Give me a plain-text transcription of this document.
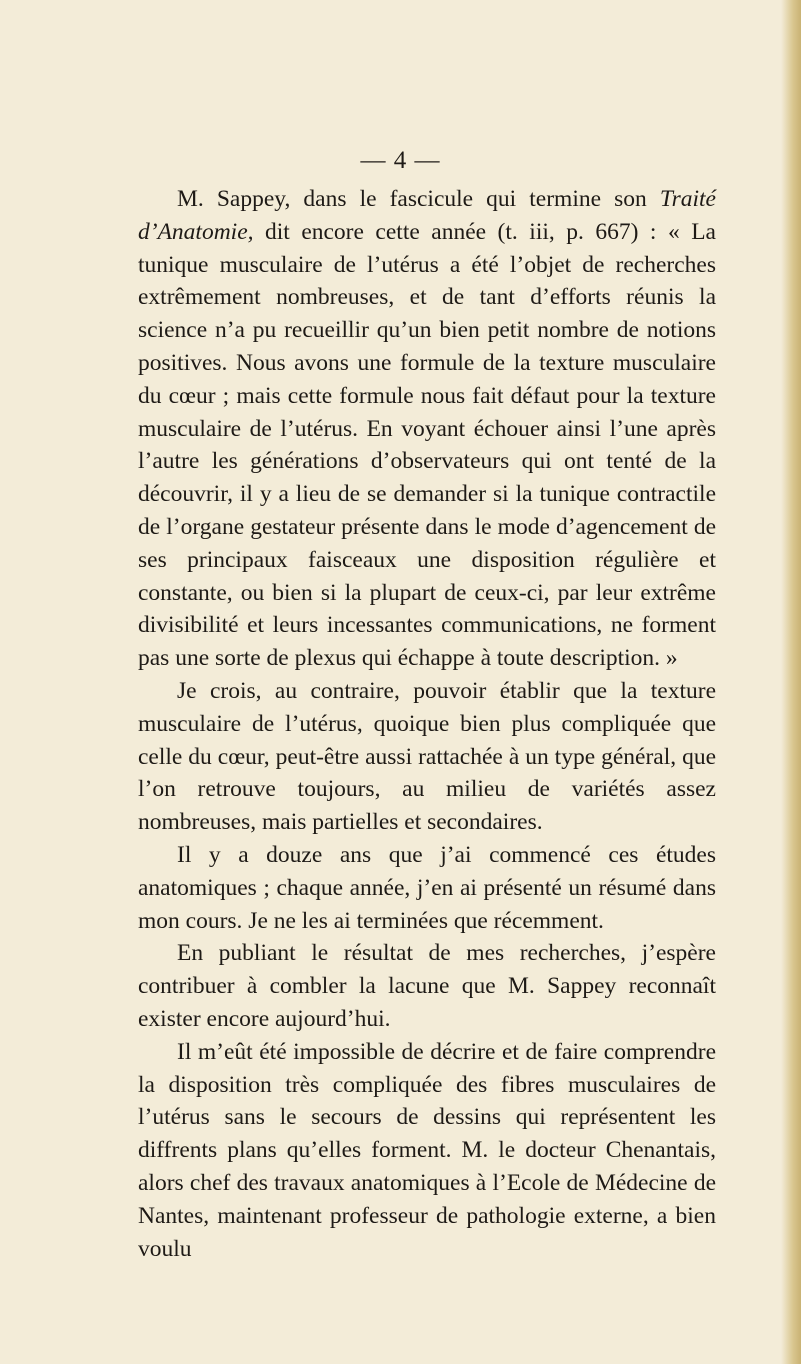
— 4 —

M. Sappey, dans le fascicule qui termine son Traité d’Anatomie, dit encore cette année (t. iii, p. 667) : « La tunique musculaire de l’utérus a été l’objet de recherches extrêmement nombreuses, et de tant d’efforts réunis la science n’a pu recueillir qu’un bien petit nombre de notions positives. Nous avons une formule de la texture musculaire du cœur ; mais cette formule nous fait défaut pour la texture musculaire de l’utérus. En voyant échouer ainsi l’une après l’autre les générations d’observateurs qui ont tenté de la découvrir, il y a lieu de se demander si la tunique contractile de l’organe gestateur présente dans le mode d’agencement de ses principaux faisceaux une disposition régulière et constante, ou bien si la plupart de ceux-ci, par leur extrême divisibilité et leurs incessantes communications, ne forment pas une sorte de plexus qui échappe à toute description. »

Je crois, au contraire, pouvoir établir que la texture musculaire de l’utérus, quoique bien plus compliquée que celle du cœur, peut-être aussi rattachée à un type général, que l’on retrouve toujours, au milieu de variétés assez nombreuses, mais partielles et secondaires.

Il y a douze ans que j’ai commencé ces études anatomiques ; chaque année, j’en ai présenté un résumé dans mon cours. Je ne les ai terminées que récemment.

En publiant le résultat de mes recherches, j’espère contribuer à combler la lacune que M. Sappey reconnaît exister encore aujourd’hui.

Il m’eût été impossible de décrire et de faire comprendre la disposition très compliquée des fibres musculaires de l’utérus sans le secours de dessins qui représentent les diffrents plans qu’elles forment. M. le docteur Chenantais, alors chef des travaux anatomiques à l’Ecole de Médecine de Nantes, maintenant professeur de pathologie externe, a bien voulu
